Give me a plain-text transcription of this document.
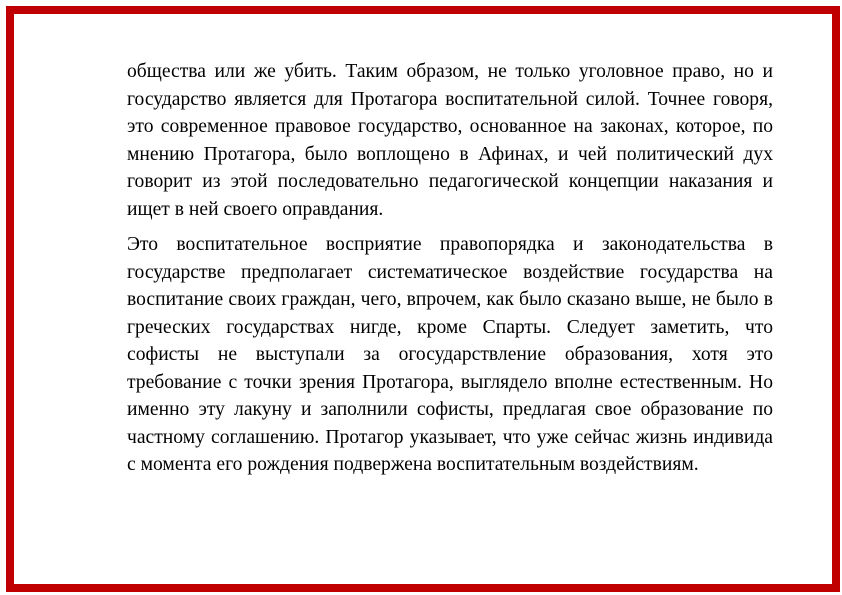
общества или же убить. Таким образом, не только уголовное право, но и государство является для Протагора воспитательной силой. Точнее говоря, это современное правовое государство, основанное на законах, которое, по мнению Протагора, было воплощено в Афинах, и чей политический дух говорит из этой последовательно педагогической концепции наказания и ищет в ней своего оправдания.

Это воспитательное восприятие правопорядка и законодательства в государстве предполагает систематическое воздействие государства на воспитание своих граждан, чего, впрочем, как было сказано выше, не было в греческих государствах нигде, кроме Спарты. Следует заметить, что софисты не выступали за огосударствление образования, хотя это требование с точки зрения Протагора, выглядело вполне естественным. Но именно эту лакуну и заполнили софисты, предлагая свое образование по частному соглашению. Протагор указывает, что уже сейчас жизнь индивида с момента его рождения подвержена воспитательным воздействиям.
